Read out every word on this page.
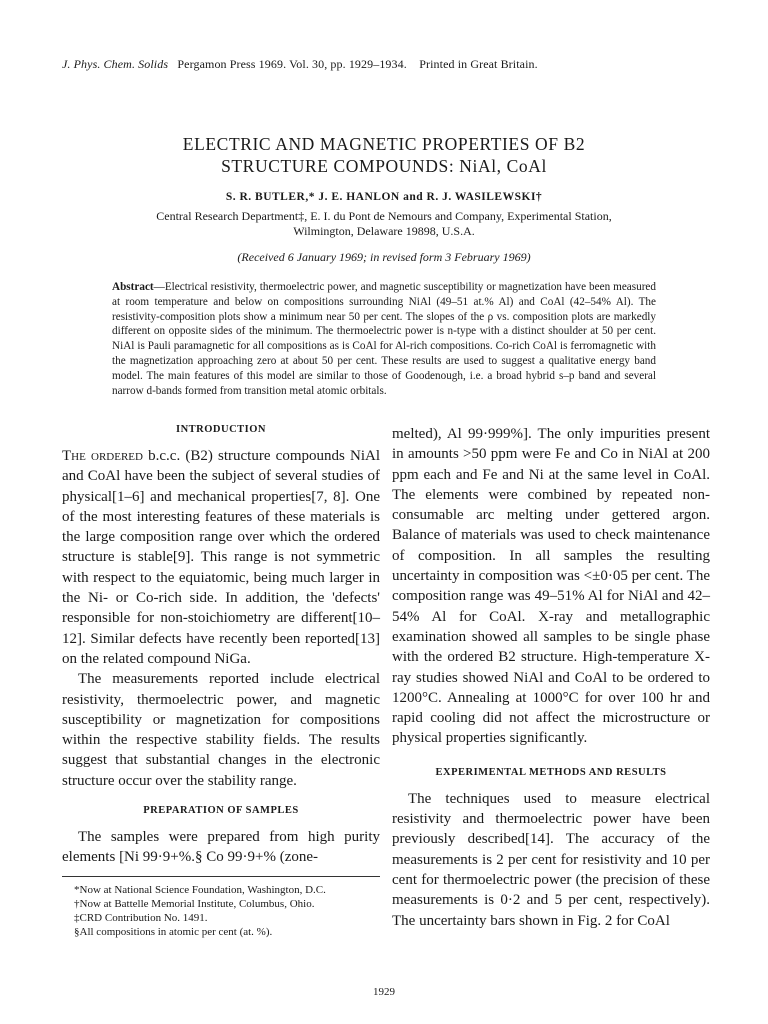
J. Phys. Chem. Solids Pergamon Press 1969. Vol. 30, pp. 1929–1934. Printed in Great Britain.
ELECTRIC AND MAGNETIC PROPERTIES OF B2
STRUCTURE COMPOUNDS: NiAl, CoAl
S. R. BUTLER,* J. E. HANLON and R. J. WASILEWSKI†
Central Research Department‡, E. I. du Pont de Nemours and Company, Experimental Station,
Wilmington, Delaware 19898, U.S.A.
(Received 6 January 1969; in revised form 3 February 1969)
Abstract—Electrical resistivity, thermoelectric power, and magnetic susceptibility or magnetization have been measured at room temperature and below on compositions surrounding NiAl (49–51 at.% Al) and CoAl (42–54% Al). The resistivity-composition plots show a minimum near 50 per cent. The slopes of the ρ vs. composition plots are markedly different on opposite sides of the minimum. The thermoelectric power is n-type with a distinct shoulder at 50 per cent. NiAl is Pauli paramagnetic for all compositions as is CoAl for Al-rich compositions. Co-rich CoAl is ferromagnetic with the magnetization approaching zero at about 50 per cent. These results are used to suggest a qualitative energy band model. The main features of this model are similar to those of Goodenough, i.e. a broad hybrid s–p band and several narrow d-bands formed from transition metal atomic orbitals.
INTRODUCTION

The ordered b.c.c. (B2) structure compounds NiAl and CoAl have been the subject of several studies of physical[1–6] and mechanical properties[7, 8]. One of the most interesting features of these materials is the large composition range over which the ordered structure is stable[9]. This range is not symmetric with respect to the equiatomic, being much larger in the Ni- or Co-rich side. In addition, the 'defects' responsible for non-stoichiometry are different[10–12]. Similar defects have recently been reported[13] on the related compound NiGa.

The measurements reported include electrical resistivity, thermoelectric power, and magnetic susceptibility or magnetization for compositions within the respective stability fields. The results suggest that substantial changes in the electronic structure occur over the stability range.

PREPARATION OF SAMPLES

The samples were prepared from high purity elements [Ni 99·9+%.§ Co 99·9+% (zone-

*Now at National Science Foundation, Washington, D.C.
†Now at Battelle Memorial Institute, Columbus, Ohio.
‡CRD Contribution No. 1491.
§All compositions in atomic per cent (at. %).

melted), Al 99·999%]. The only impurities present in amounts >50 ppm were Fe and Co in NiAl at 200 ppm each and Fe and Ni at the same level in CoAl. The elements were combined by repeated non-consumable arc melting under gettered argon. Balance of materials was used to check maintenance of composition. In all samples the resulting uncertainty in composition was <±0·05 per cent. The composition range was 49–51% Al for NiAl and 42–54% Al for CoAl. X-ray and metallographic examination showed all samples to be single phase with the ordered B2 structure. High-temperature X-ray studies showed NiAl and CoAl to be ordered to 1200°C. Annealing at 1000°C for over 100 hr and rapid cooling did not affect the microstructure or physical properties significantly.

EXPERIMENTAL METHODS AND RESULTS

The techniques used to measure electrical resistivity and thermoelectric power have been previously described[14]. The accuracy of the measurements is 2 per cent for resistivity and 10 per cent for thermoelectric power (the precision of these measurements is 0·2 and 5 per cent, respectively). The uncertainty bars shown in Fig. 2 for CoAl

1929
